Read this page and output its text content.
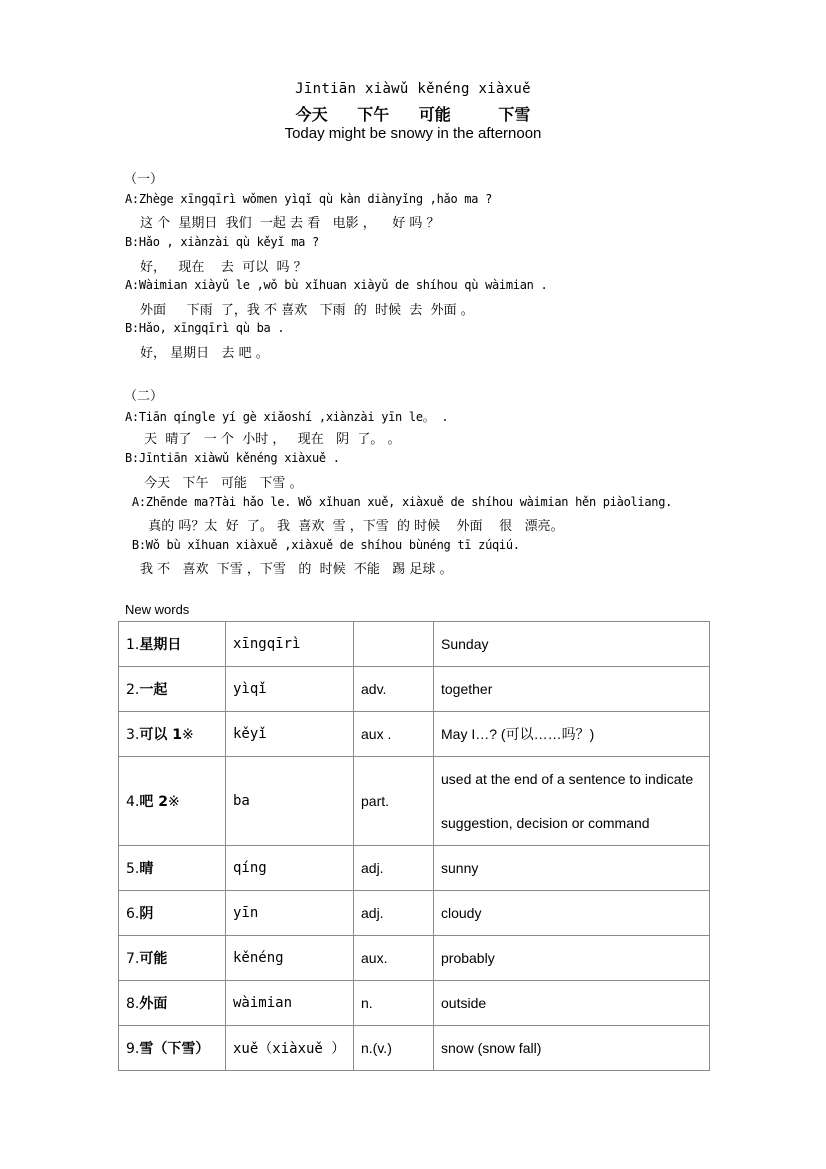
Jīntiān xiàwǔ kěnéng xiàxuě
今天 下午 可能	下雪
Today might be snowy in the afternoon
（一）
A:Zhège xīngqīrì wǒmen yìqǐ qù kàn diànyǐng ,hǎo ma ?
这 个  星期日  我们  一起 去 看   电影 ，    好 吗 ？
B:Hǎo , xiànzài qù kěyǐ ma ?
好，   现在    去  可以  吗 ？
A:Wàimian xiàyǔ le ,wǒ bù xǐhuan xiàyǔ de shíhou qù wàimian .
外面     下雨  了，我 不 喜欢   下雨  的  时候  去  外面 。
B:Hǎo, xīngqīrì qù ba .
好， 星期日   去 吧 。
（二）
A:Tiān qíngle yí gè xiǎoshí ,xiànzài yīn le。 .
天  晴了   一 个  小时 ，   现在   阴  了。 。
B:Jīntiān xiàwǔ kěnéng xiàxuě .
今天   下午   可能   下雪 。
A:Zhēnde ma?Tài hǎo le. Wǒ xǐhuan xuě, xiàxuě de shíhou wàimian hěn piàoliang.
真的 吗？太  好  了。 我  喜欢  雪 ，下雪  的 时候    外面    很   漂亮。
B:Wǒ bù xǐhuan xiàxuě ,xiàxuě de shíhou bùnéng tī zúqiú.
我 不   喜欢  下雪 ，下雪   的  时候  不能   踢 足球 。
New words
1.星期日	xīngqīrì		Sunday
2.一起	yìqǐ	adv.	together
3.可以 1※	kěyǐ	aux .	May I…? (可以……吗？)
4.吧 2※	ba	part.	used at the end of a sentence to indicate suggestion, decision or command
5.晴	qíng	adj.	sunny
6.阴	yīn	adj.	cloudy
7.可能	kěnéng	aux.	probably
8.外面	wàimian	n.	outside
9.雪（下雪）	xuě（xiàxuě ）	n.(v.)	snow (snow fall)
